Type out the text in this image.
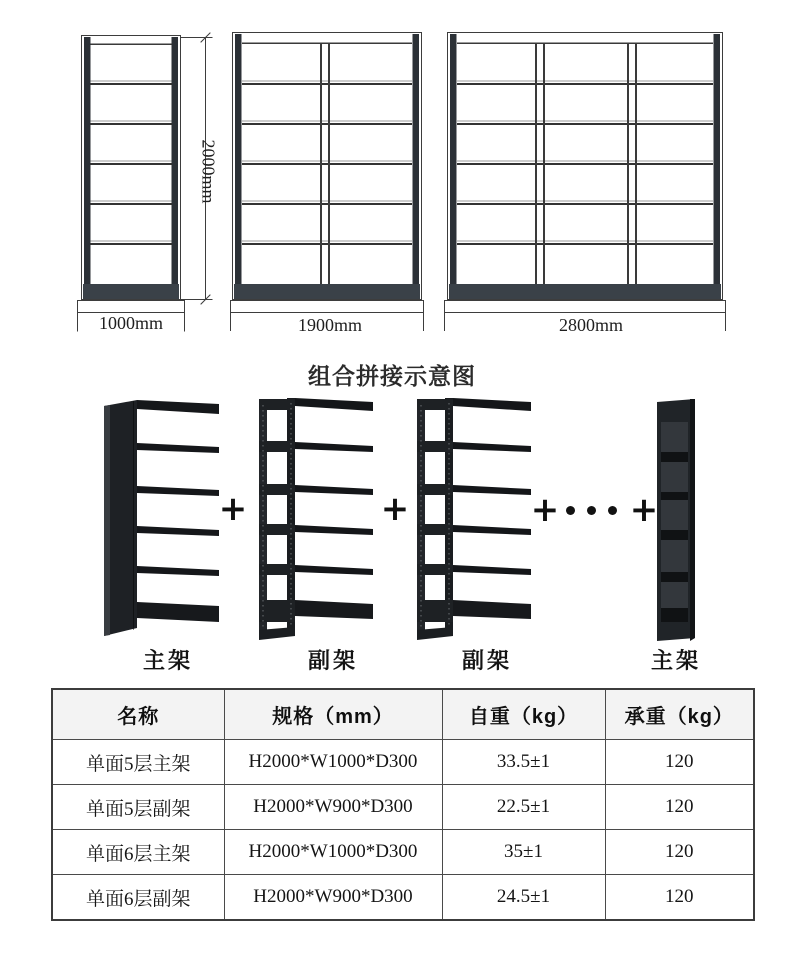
2000mm
1000mm	1900mm	2800mm
组合拼接示意图
+	+	+ +
主架	副架	副架	主架
名称	规格（mm）	自重（kg）	承重（kg）
单面5层主架	H2000*W1000*D300	33.5±1	120
单面5层副架	H2000*W900*D300	22.5±1	120
单面6层主架	H2000*W1000*D300	35±1	120
单面6层副架	H2000*W900*D300	24.5±1	120
